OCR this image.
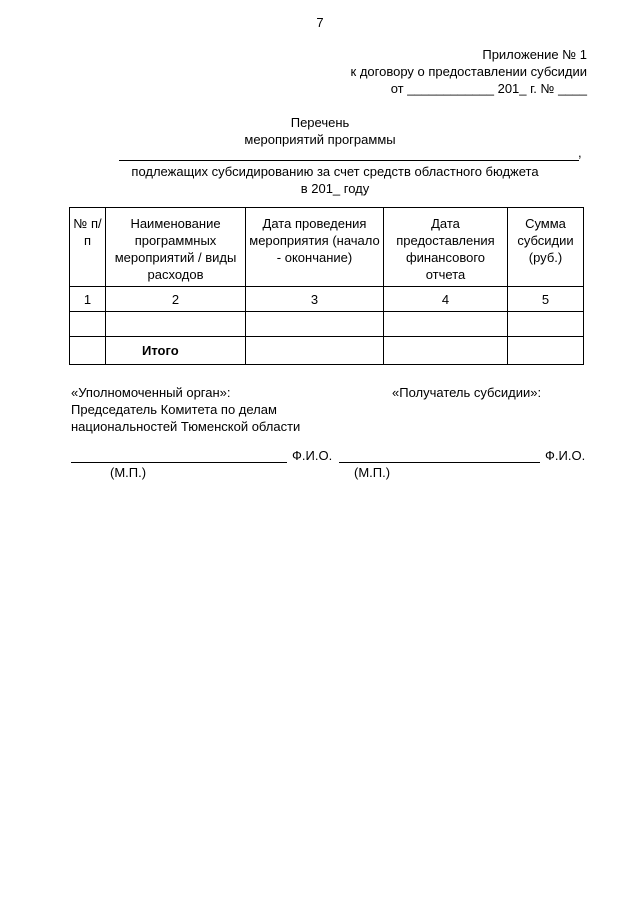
7
Приложение № 1
к договору о предоставлении субсидии
от ____________ 201_ г. № ____
Перечень
мероприятий программы
,
подлежащих субсидированию за счет средств областного бюджета
в 201_ году
№ п/п	Наименование программных мероприятий / виды расходов	Дата проведения мероприятия (начало - окончание)	Дата предоставления финансового отчета	Сумма субсидии (руб.)
1	2	3	4	5

	Итого			
«Уполномоченный орган»:
Председатель Комитета по делам
национальностей Тюменской области
«Получатель субсидии»:
Ф.И.О.	Ф.И.О.
(М.П.)	(М.П.)
